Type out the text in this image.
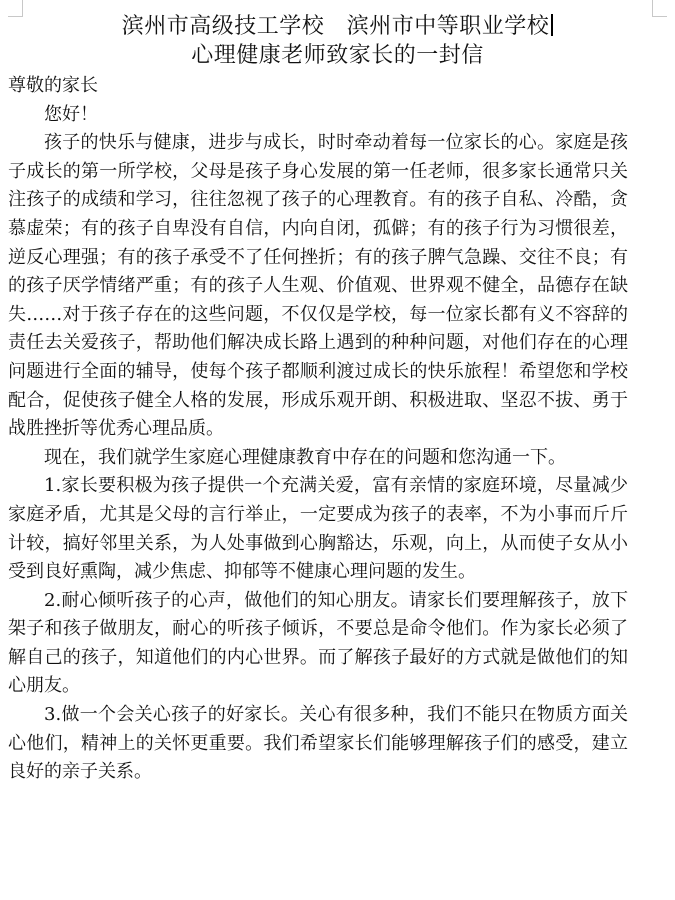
滨州市高级技工学校　滨州市中等职业学校
心理健康老师致家长的一封信

尊敬的家长

您好！

孩子的快乐与健康，进步与成长，时时牵动着每一位家长的心。家庭是孩子成长的第一所学校，父母是孩子身心发展的第一任老师，很多家长通常只关注孩子的成绩和学习，往往忽视了孩子的心理教育。有的孩子自私、冷酷，贪慕虚荣；有的孩子自卑没有自信，内向自闭，孤僻；有的孩子行为习惯很差，逆反心理强；有的孩子承受不了任何挫折；有的孩子脾气急躁、交往不良；有的孩子厌学情绪严重；有的孩子人生观、价值观、世界观不健全，品德存在缺失……对于孩子存在的这些问题，不仅仅是学校，每一位家长都有义不容辞的责任去关爱孩子，帮助他们解决成长路上遇到的种种问题，对他们存在的心理问题进行全面的辅导，使每个孩子都顺利渡过成长的快乐旅程！希望您和学校配合，促使孩子健全人格的发展，形成乐观开朗、积极进取、坚忍不拔、勇于战胜挫折等优秀心理品质。

现在，我们就学生家庭心理健康教育中存在的问题和您沟通一下。

1.家长要积极为孩子提供一个充满关爱，富有亲情的家庭环境，尽量减少家庭矛盾，尤其是父母的言行举止，一定要成为孩子的表率，不为小事而斤斤计较，搞好邻里关系，为人处事做到心胸豁达，乐观，向上，从而使子女从小受到良好熏陶，减少焦虑、抑郁等不健康心理问题的发生。

2.耐心倾听孩子的心声，做他们的知心朋友。请家长们要理解孩子，放下架子和孩子做朋友，耐心的听孩子倾诉，不要总是命令他们。作为家长必须了解自己的孩子，知道他们的内心世界。而了解孩子最好的方式就是做他们的知心朋友。

3.做一个会关心孩子的好家长。关心有很多种，我们不能只在物质方面关心他们，精神上的关怀更重要。我们希望家长们能够理解孩子们的感受，建立良好的亲子关系。
